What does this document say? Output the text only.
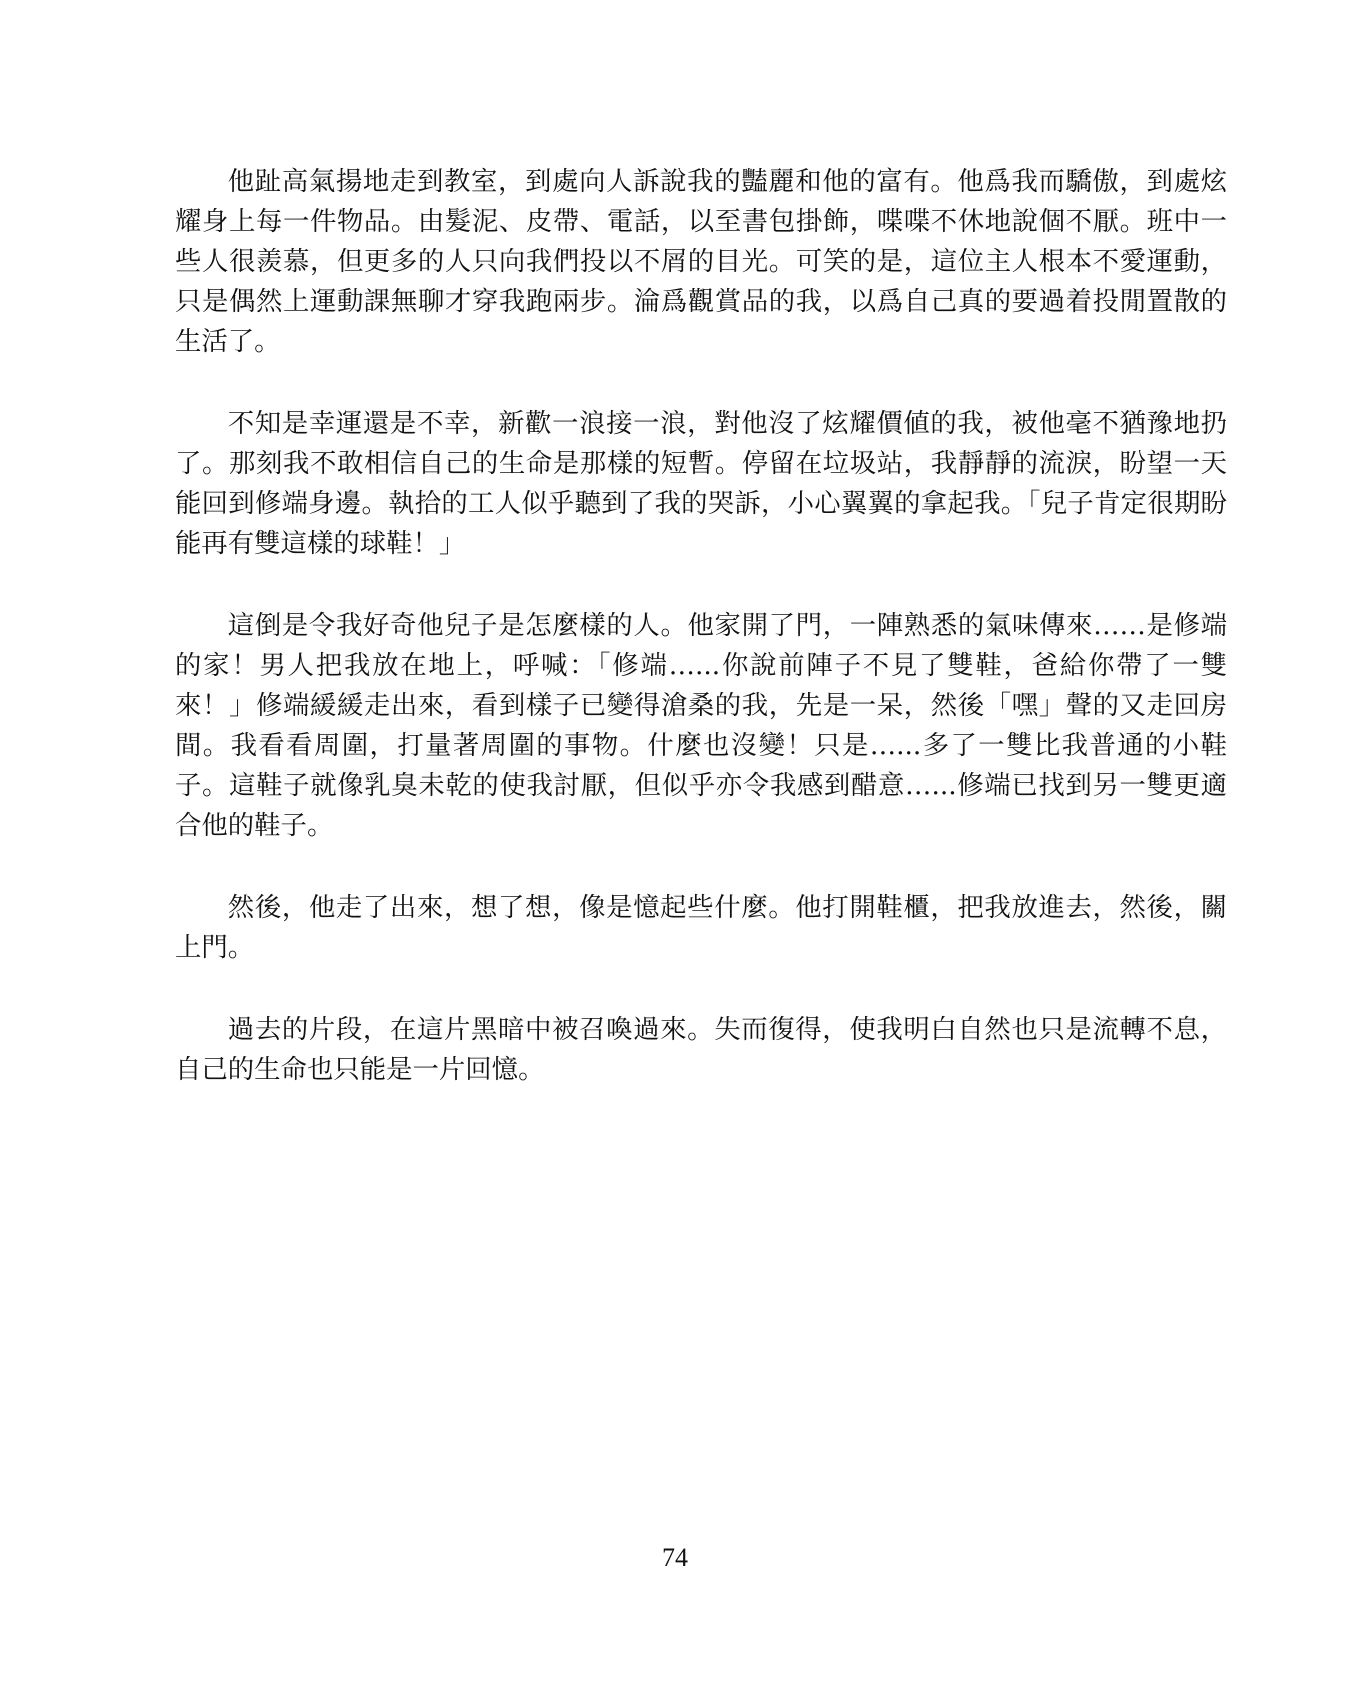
他趾高氣揚地走到教室，到處向人訴說我的豔麗和他的富有。他爲我而驕傲，到處炫耀身上每一件物品。由髮泥、皮帶、電話，以至書包掛飾，喋喋不休地說個不厭。班中一些人很羨慕，但更多的人只向我們投以不屑的目光。可笑的是，這位主人根本不愛運動，只是偶然上運動課無聊才穿我跑兩步。淪爲觀賞品的我，以爲自己真的要過着投閒置散的生活了。

不知是幸運還是不幸，新歡一浪接一浪，對他沒了炫耀價値的我，被他毫不猶豫地扔了。那刻我不敢相信自己的生命是那樣的短暫。停留在垃圾站，我靜靜的流淚，盼望一天能回到修端身邊。執拾的工人似乎聽到了我的哭訴，小心翼翼的拿起我。「兒子肯定很期盼能再有雙這樣的球鞋！」

這倒是令我好奇他兒子是怎麼樣的人。他家開了門，一陣熟悉的氣味傳來……是修端的家！男人把我放在地上，呼喊：「修端…...你說前陣子不見了雙鞋，爸給你帶了一雙來！」修端緩緩走出來，看到樣子已變得滄桑的我，先是一呆，然後「嘿」聲的又走回房間。我看看周圍，打量著周圍的事物。什麼也沒變！只是…...多了一雙比我普通的小鞋子。這鞋子就像乳臭未乾的使我討厭，但似乎亦令我感到醋意…...修端已找到另一雙更適合他的鞋子。

然後，他走了出來，想了想，像是憶起些什麼。他打開鞋櫃，把我放進去，然後，關上門。

過去的片段，在這片黑暗中被召喚過來。失而復得，使我明白自然也只是流轉不息，自己的生命也只能是一片回憶。

74
